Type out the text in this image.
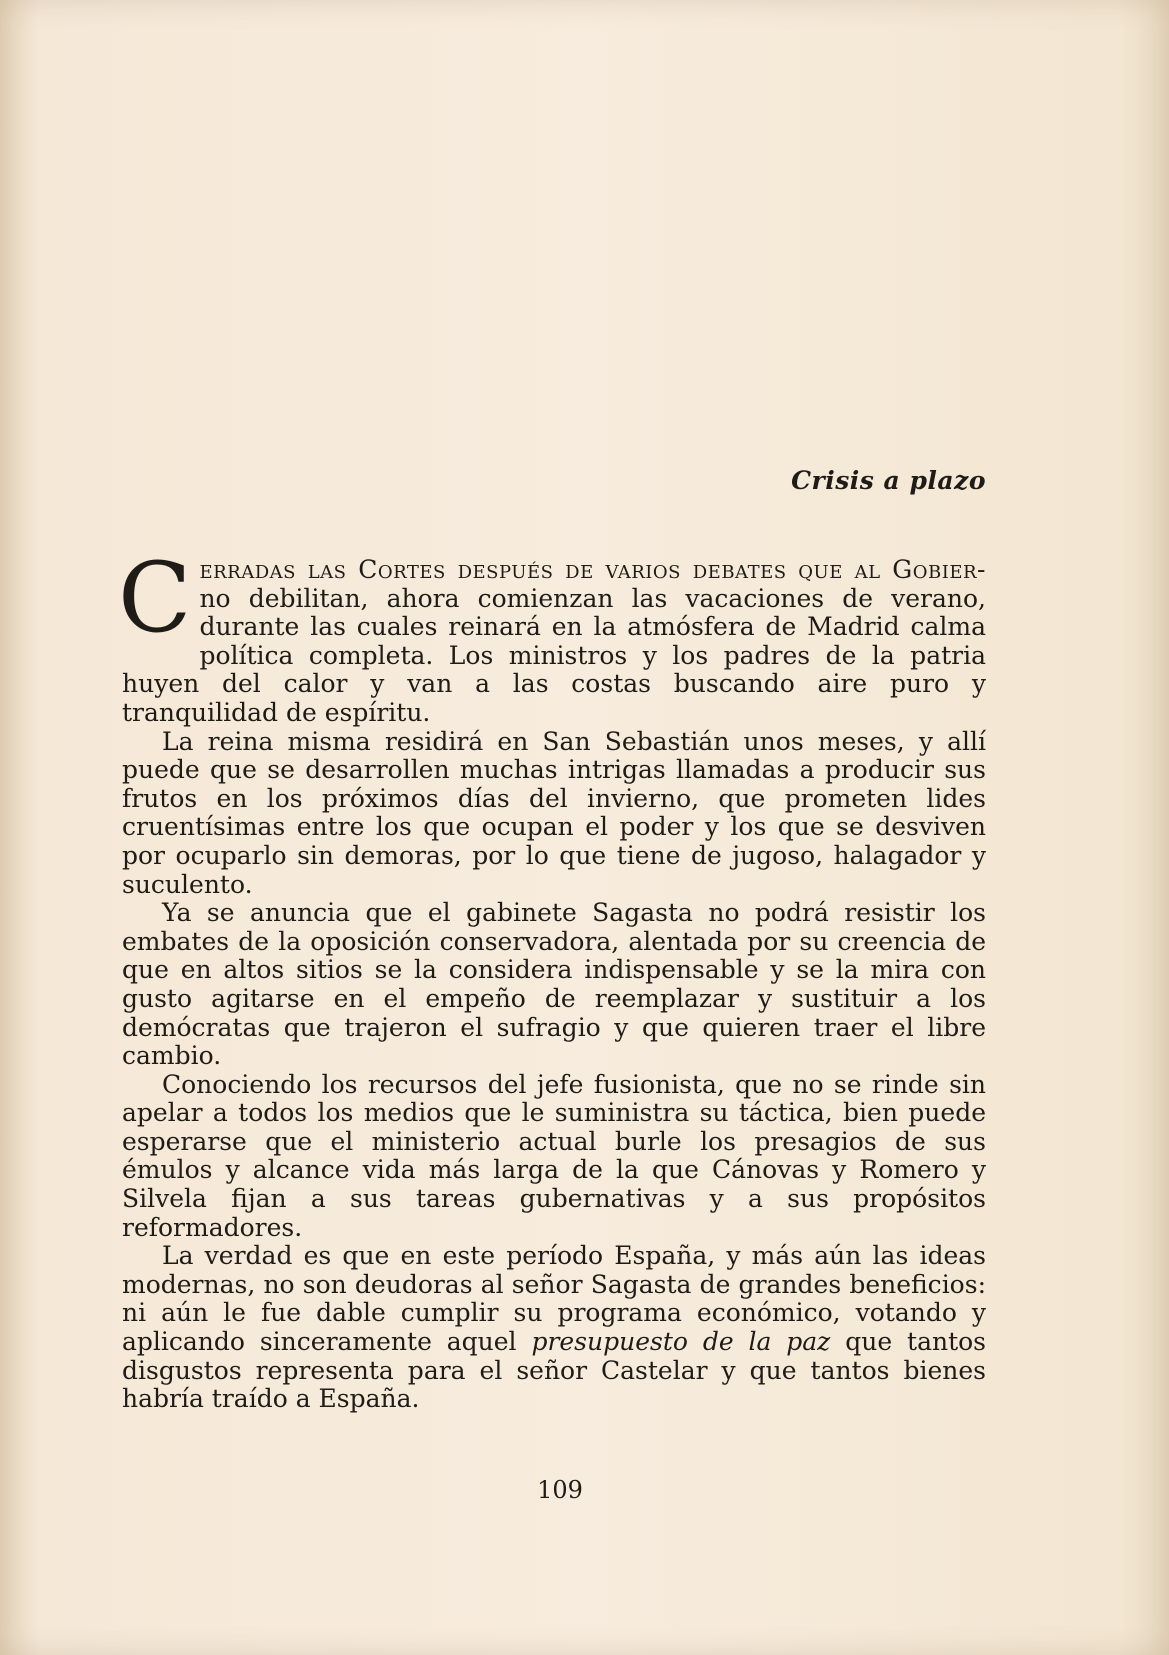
Crisis a plazo

Cerradas las Cortes después de varios debates que al Gobier-no debilitan, ahora comienzan las vacaciones de verano, durante las cuales reinará en la atmósfera de Madrid calma política completa. Los ministros y los padres de la patria huyen del calor y van a las costas buscando aire puro y tranquilidad de espíritu.

La reina misma residirá en San Sebastián unos meses, y allí puede que se desarrollen muchas intrigas llamadas a producir sus frutos en los próximos días del invierno, que prometen lides cruentísimas entre los que ocupan el poder y los que se desviven por ocuparlo sin demoras, por lo que tiene de jugoso, halagador y suculento.

Ya se anuncia que el gabinete Sagasta no podrá resistir los embates de la oposición conservadora, alentada por su creencia de que en altos sitios se la considera indispensable y se la mira con gusto agitarse en el empeño de reemplazar y sustituir a los demócratas que trajeron el sufragio y que quieren traer el libre cambio.

Conociendo los recursos del jefe fusionista, que no se rinde sin apelar a todos los medios que le suministra su táctica, bien puede esperarse que el ministerio actual burle los presagios de sus émulos y alcance vida más larga de la que Cánovas y Romero y Silvela fijan a sus tareas gubernativas y a sus propósitos reformadores.

La verdad es que en este período España, y más aún las ideas modernas, no son deudoras al señor Sagasta de grandes beneficios: ni aún le fue dable cumplir su programa económico, votando y aplicando sinceramente aquel presupuesto de la paz que tantos disgustos representa para el señor Castelar y que tantos bienes habría traído a España.

109
